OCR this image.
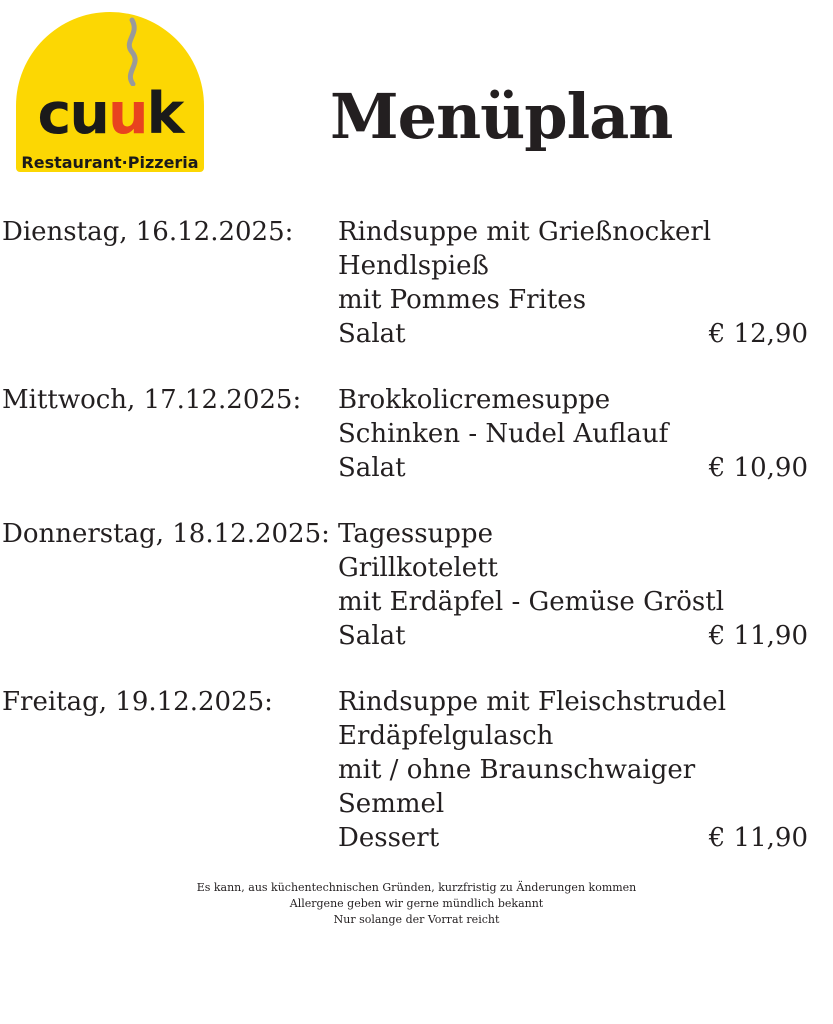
cuuk
Restaurant·Pizzeria
Menüplan
Dienstag, 16.12.2025: Rindsuppe mit Grießnockerl
Hendlspieß
mit Pommes Frites
Salat	€ 12,90
Mittwoch, 17.12.2025: Brokkolicremesuppe
Schinken - Nudel Auflauf
Salat	€ 10,90
Donnerstag, 18.12.2025: Tagessuppe
Grillkotelett
mit Erdäpfel - Gemüse Gröstl
Salat	€ 11,90
Freitag, 19.12.2025:	Rindsuppe mit Fleischstrudel
Erdäpfelgulasch
mit / ohne Braunschwaiger
Semmel
Dessert	€ 11,90
Es kann, aus küchentechnischen Gründen, kurzfristig zu Änderungen kommen
Allergene geben wir gerne mündlich bekannt
Nur solange der Vorrat reicht
